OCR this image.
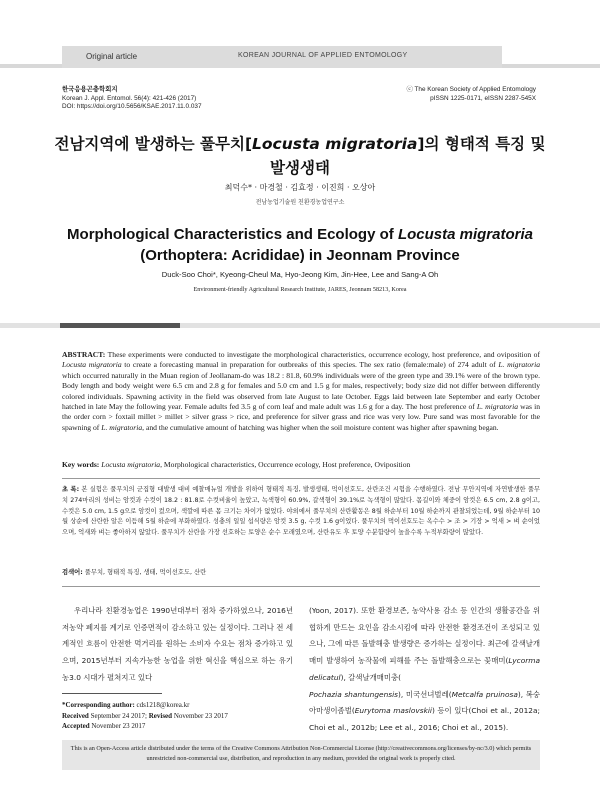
Original article	KOREAN JOURNAL OF APPLIED ENTOMOLOGY
한국응용곤충학회지
Korean J. Appl. Entomol. 56(4): 421-426 (2017)
DOI: https://doi.org/10.5656/KSAE.2017.11.0.037
ⓒ The Korean Society of Applied Entomology
pISSN 1225-0171, eISSN 2287-545X
전남지역에 발생하는 풀무치[Locusta migratoria]의 형태적 특징 및 발생생태
최덕수* · 마경철 · 김효정 · 이진희 · 오상아
전남농업기술원 친환경농업연구소
Morphological Characteristics and Ecology of Locusta migratoria
(Orthoptera: Acrididae) in Jeonnam Province
Duck-Soo Choi*, Kyeong-Cheul Ma, Hyo-Jeong Kim, Jin-Hee, Lee and Sang-A Oh
Environment-friendly Agricultural Research Institute, JARES, Jeonnam 58213, Korea
ABSTRACT: These experiments were conducted to investigate the morphological characteristics, occurrence ecology, host preference, and oviposition of Locusta migratoria to create a forecasting manual in preparation for outbreaks of this species. The sex ratio (female:male) of 274 adult of L. migratoria which occurred naturally in the Muan region of Jeollanam-do was 18.2 : 81.8, 60.9% individuals were of the green type and 39.1% were of the brown type. Body length and body weight were 6.5 cm and 2.8 g for females and 5.0 cm and 1.5 g for males, respectively; body size did not differ between differently colored individuals. Spawning activity in the field was observed from late August to late October. Eggs laid between late September and early October hatched in late May the following year. Female adults fed 3.5 g of corn leaf and male adult was 1.6 g for a day. The host preference of L. migratoria was in the order corn > foxtail millet > millet > silver grass > rice, and preference for silver grass and rice was very low. Pure sand was most favorable for the spawning of L. migratoria, and the cumulative amount of hatching was higher when the soil moisture content was higher after spawning began.
Key words: Locusta migratoria, Morphological characteristics, Occurrence ecology, Host preference, Oviposition
초 록: 본 실험은 풀무치의 군집형 대발생 대비 예찰매뉴얼 개발을 위하여 형태적 특징, 발생생태, 먹이선호도, 산란조건 시험을 수행하였다. 전남 무안지역에 자연발생한 풀무치 274마리의 성비는 암컷과 수컷이 18.2 : 81.8로 수컷비율이 높았고, 녹색형이 60.9%, 갈색형이 39.1%로 녹색형이 많았다. 몸길이와 체중이 암컷은 6.5 cm, 2.8 g이고, 수컷은 5.0 cm, 1.5 g으로 암컷이 컸으며, 색깔에 따른 몸 크기는 차이가 없었다. 야외에서 풀무치의 산란활동은 8월 하순부터 10월 하순까지 관찰되었는데, 9월 하순부터 10월 상순에 산란한 알은 이듬해 5월 하순에 부화하였다. 성충의 일일 섭식량은 암컷 3.5 g, 수컷 1.6 g이었다. 풀무치의 먹이선호도는 옥수수 > 조 > 기장 > 억새 > 벼 순이었으며, 억새와 벼는 좋아하지 않았다. 풀무치가 산란을 가장 선호하는 토양은 순수 모래였으며, 산란유도 후 토양 수분함량이 높을수록 누적부화량이 많았다.
검색어: 풀무치, 형태적 특징, 생태, 먹이선호도, 산란
우리나라 친환경농업은 1990년대부터 점차 증가하였으나, 2016년 저농약 폐지를 계기로 인증면적이 감소하고 있는 실정이다. 그러나 전 세계적인 흐름이 안전한 먹거리를 원하는 소비자 수요는 점차 증가하고 있으며, 2015년부터 지속가능한 농업을 위한 혁신을 핵심으로 하는 유기농3.0 시대가 펼쳐지고 있다
(Yoon, 2017). 또한 환경보존, 농약사용 감소 등 인간의 생활공간을 위협하게 만드는 요인을 감소시킴에 따라 안전한 환경조건이 조성되고 있으나, 그에 따른 돌발해충 발생량은 증가하는 실정이다. 최근에 갈색날개매미 발생하여 농작물에 피해를 주는 돌발해충으로는 꽃매미(Lycorma delicatul), 갈색날개매미충(
Pochazia shantungensis), 미국선녀벌레(Metcalfa pruinosa), 복숭아마생이좀벌(Eurytoma maslovskii) 등이 있다(Choi et al., 2012a; Choi et al., 2012b; Lee et al., 2016; Choi et al., 2015).
*Corresponding author: cds1218@korea.kr
Received September 24 2017; Revised November 23 2017
Accepted November 23 2017
This is an Open-Access article distributed under the terms of the Creative Commons Attribution Non-Commercial License (http://creativecommons.org/licenses/by-nc/3.0) which permits unrestricted non-commercial use, distribution, and reproduction in any medium, provided the original work is properly cited.
